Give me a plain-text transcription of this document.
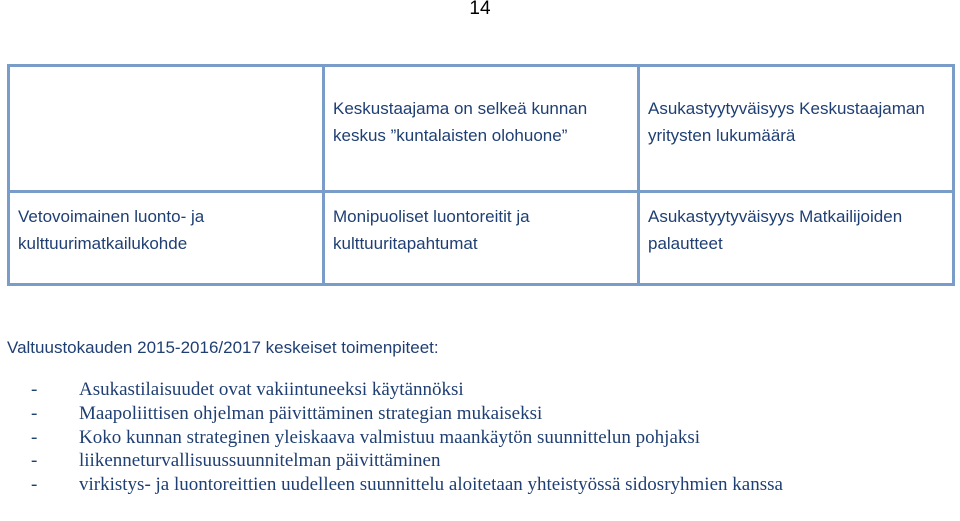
14
	Keskustaajama on selkeä kunnan keskus ”kuntalaisten olohuone”	Asukastyytyväisyys Keskustaajaman yritysten lukumäärä
Vetovoimainen luonto- ja kulttuurimatkailukohde	Monipuoliset luontoreitit ja kulttuuritapahtumat	Asukastyytyväisyys Matkailijoiden palautteet
Valtuustokauden 2015-2016/2017 keskeiset toimenpiteet:
- Asukastilaisuudet ovat vakiintuneeksi käytännöksi
- Maapoliittisen ohjelman päivittäminen strategian mukaiseksi
- Koko kunnan strateginen yleiskaava valmistuu maankäytön suunnittelun pohjaksi
- liikenneturvallisuussuunnitelman päivittäminen
- virkistys- ja luontoreittien uudelleen suunnittelu aloitetaan yhteistyössä sidosryhmien kanssa
